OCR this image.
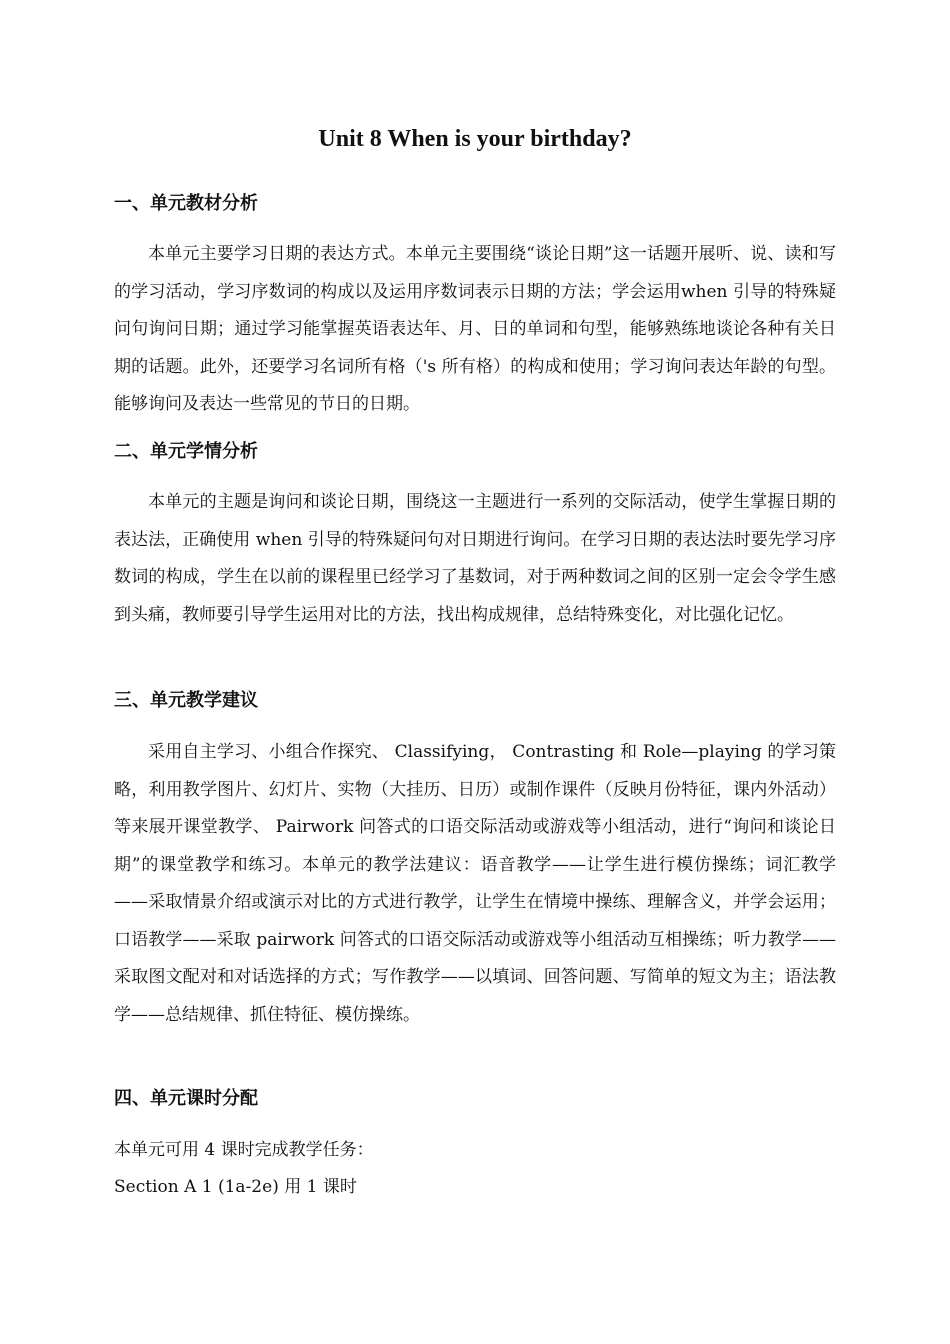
Unit 8 When is your birthday?
一、单元教材分析

本单元主要学习日期的表达方式。本单元主要围绕“谈论日期”这一话题开展听、说、读和写的学习活动，学习序数词的构成以及运用序数词表示日期的方法；学会运用when 引导的特殊疑问句询问日期；通过学习能掌握英语表达年、月、日的单词和句型，能够熟练地谈论各种有关日期的话题。此外，还要学习名词所有格（'s 所有格）的构成和使用；学习询问表达年龄的句型。能够询问及表达一些常见的节日的日期。

二、单元学情分析

本单元的主题是询问和谈论日期，围绕这一主题进行一系列的交际活动，使学生掌握日期的表达法，正确使用 when 引导的特殊疑问句对日期进行询问。在学习日期的表达法时要先学习序数词的构成，学生在以前的课程里已经学习了基数词，对于两种数词之间的区别一定会令学生感到头痛，教师要引导学生运用对比的方法，找出构成规律，总结特殊变化，对比强化记忆。

三、单元教学建议

采用自主学习、小组合作探究、 Classifying， Contrasting 和 Role—playing 的学习策略，利用教学图片、幻灯片、实物（大挂历、日历）或制作课件（反映月份特征，课内外活动）等来展开课堂教学、 Pairwork 问答式的口语交际活动或游戏等小组活动，进行“询问和谈论日期”的课堂教学和练习。本单元的教学法建议：语音教学——让学生进行模仿操练；词汇教学——采取情景介绍或演示对比的方式进行教学，让学生在情境中操练、理解含义，并学会运用；口语教学——采取 pairwork 问答式的口语交际活动或游戏等小组活动互相操练；听力教学——采取图文配对和对话选择的方式；写作教学——以填词、回答问题、写简单的短文为主；语法教学——总结规律、抓住特征、模仿操练。

四、单元课时分配

本单元可用 4 课时完成教学任务：

Section A 1 (1a-2e) 用 1 课时
